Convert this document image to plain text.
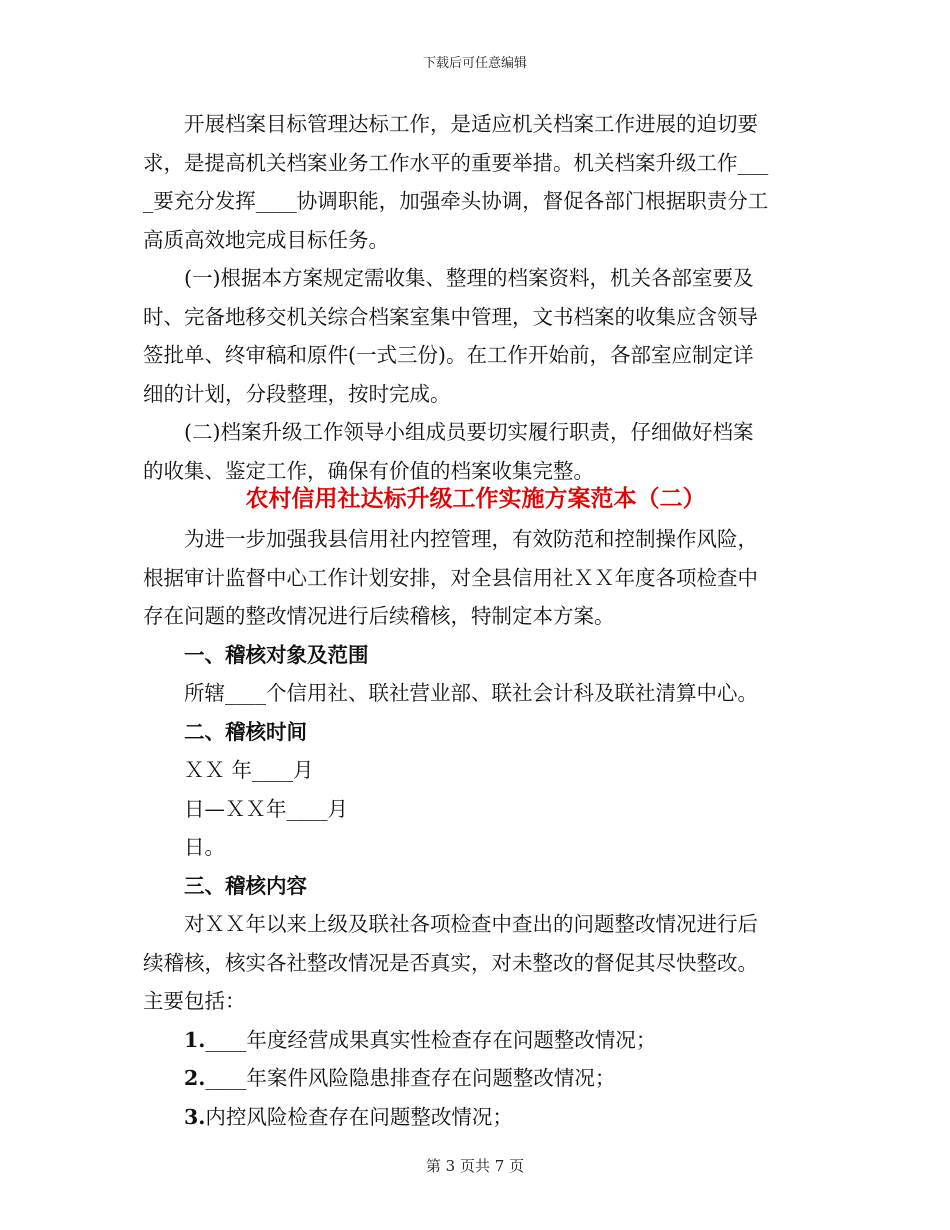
下载后可任意编辑
开展档案目标管理达标工作，是适应机关档案工作进展的迫切要
求，是提高机关档案业务工作水平的重要举措。机关档案升级工作___
_要充分发挥____协调职能，加强牵头协调，督促各部门根据职责分工
高质高效地完成目标任务。
(一)根据本方案规定需收集、整理的档案资料，机关各部室要及
时、完备地移交机关综合档案室集中管理，文书档案的收集应含领导
签批单、终审稿和原件(一式三份)。在工作开始前，各部室应制定详
细的计划，分段整理，按时完成。
(二)档案升级工作领导小组成员要切实履行职责，仔细做好档案
的收集、鉴定工作，确保有价值的档案收集完整。
农村信用社达标升级工作实施方案范本（二）
为进一步加强我县信用社内控管理，有效防范和控制操作风险，
根据审计监督中心工作计划安排，对全县信用社ＸＸ年度各项检查中
存在问题的整改情况进行后续稽核，特制定本方案。
一、稽核对象及范围
所辖____个信用社、联社营业部、联社会计科及联社清算中心。
二、稽核时间
ＸＸ 年____月
日—ＸＸ年____月
日。
三、稽核内容
对ＸＸ年以来上级及联社各项检查中查出的问题整改情况进行后
续稽核，核实各社整改情况是否真实，对未整改的督促其尽快整改。
主要包括：
1.____年度经营成果真实性检查存在问题整改情况；
2.____年案件风险隐患排查存在问题整改情况；
3.内控风险检查存在问题整改情况；
第 3 页共 7 页
